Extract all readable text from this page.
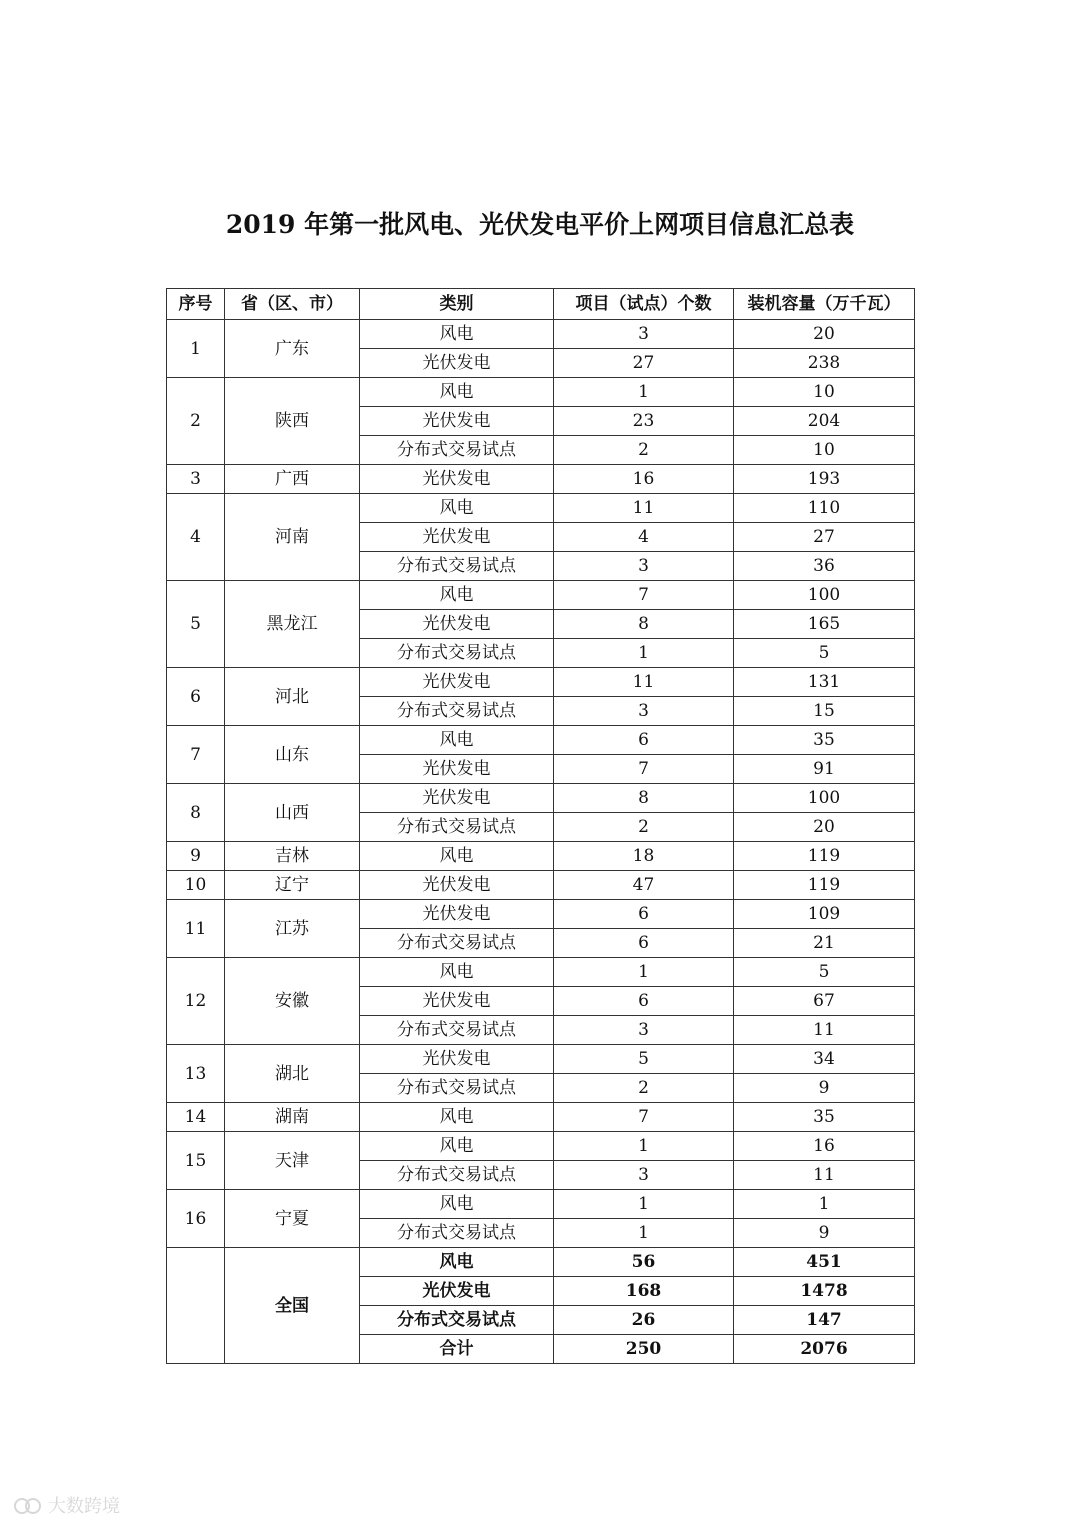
2019 年第一批风电、光伏发电平价上网项目信息汇总表
序号	省（区、市）	类别	项目（试点）个数	装机容量（万千瓦）
1	广东	风电	3	20
		光伏发电	27	238
2	陕西	风电	1	10
		光伏发电	23	204
		分布式交易试点	2	10
3	广西	光伏发电	16	193
4	河南	风电	11	110
		光伏发电	4	27
		分布式交易试点	3	36
5	黑龙江	风电	7	100
		光伏发电	8	165
		分布式交易试点	1	5
6	河北	光伏发电	11	131
		分布式交易试点	3	15
7	山东	风电	6	35
		光伏发电	7	91
8	山西	光伏发电	8	100
		分布式交易试点	2	20
9	吉林	风电	18	119
10	辽宁	光伏发电	47	119
11	江苏	光伏发电	6	109
		分布式交易试点	6	21
12	安徽	风电	1	5
		光伏发电	6	67
		分布式交易试点	3	11
13	湖北	光伏发电	5	34
		分布式交易试点	2	9
14	湖南	风电	7	35
15	天津	风电	1	16
		分布式交易试点	3	11
16	宁夏	风电	1	1
		分布式交易试点	1	9
	全国	风电	56	451
		光伏发电	168	1478
		分布式交易试点	26	147
		合计	250	2076
大数跨境
